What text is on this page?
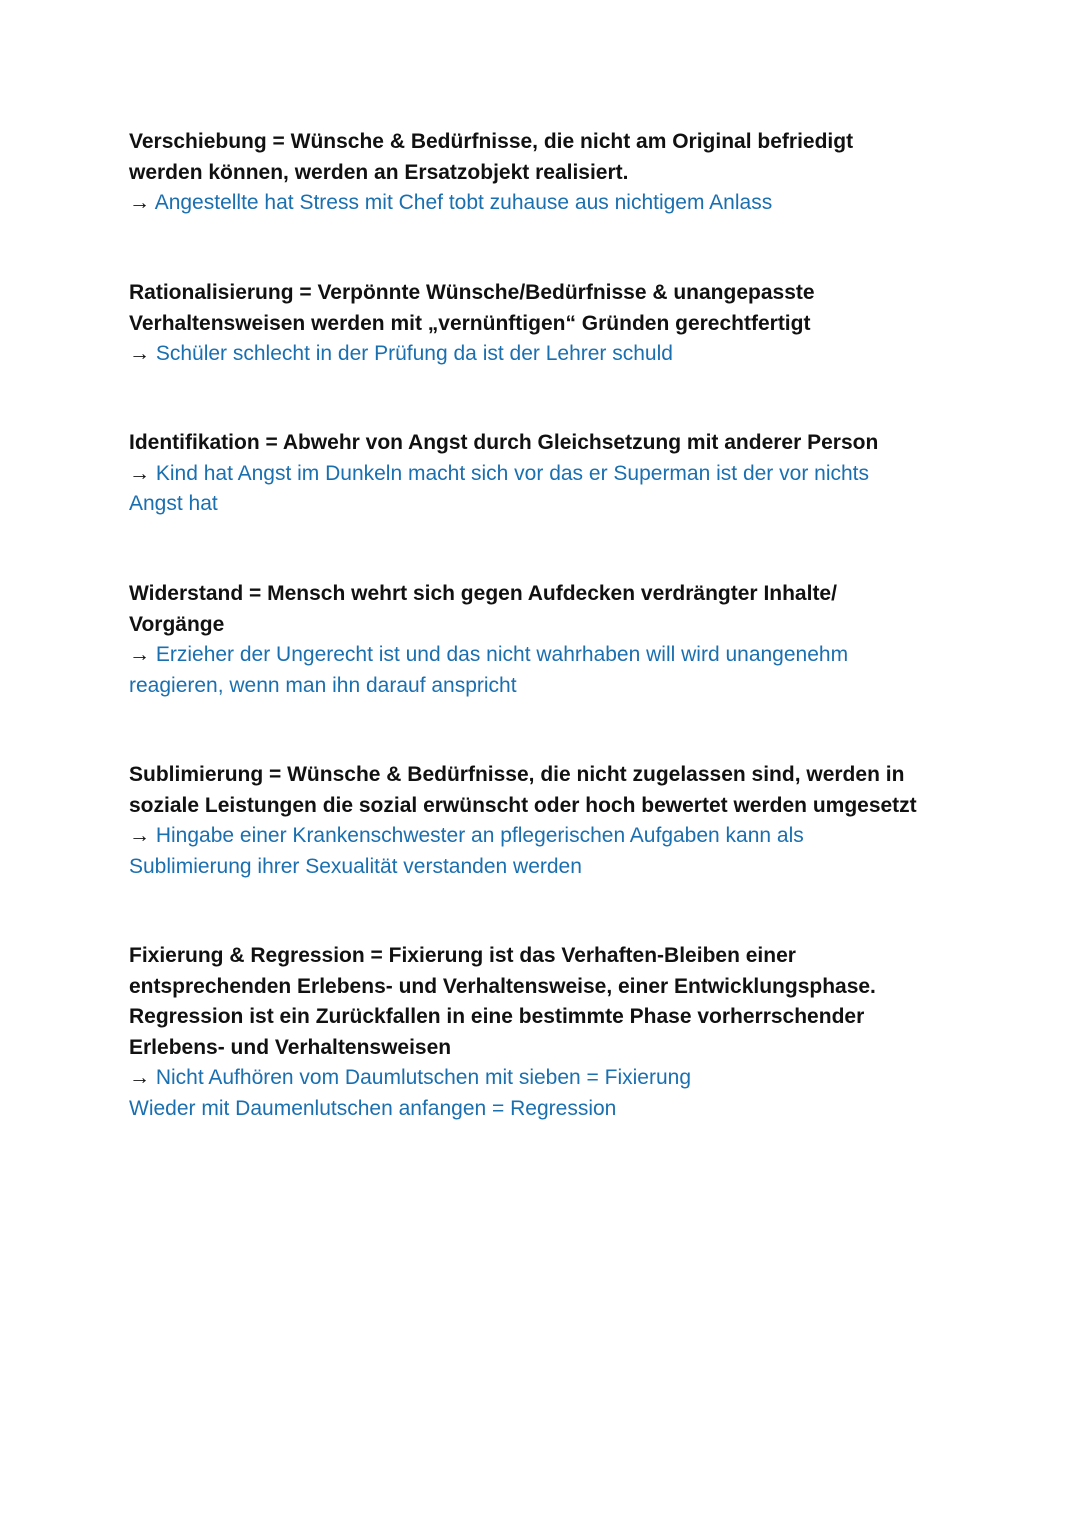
Verschiebung = Wünsche & Bedürfnisse, die nicht am Original befriedigt
werden können, werden an Ersatzobjekt realisiert.
→ Angestellte hat Stress mit Chef tobt zuhause aus nichtigem Anlass
Rationalisierung = Verpönnte Wünsche/Bedürfnisse & unangepasste
Verhaltensweisen werden mit „vernünftigen“ Gründen gerechtfertigt
→ Schüler schlecht in der Prüfung da ist der Lehrer schuld
Identifikation = Abwehr von Angst durch Gleichsetzung mit anderer Person
→ Kind hat Angst im Dunkeln macht sich vor das er Superman ist der vor nichts
Angst hat
Widerstand = Mensch wehrt sich gegen Aufdecken verdrängter Inhalte/
Vorgänge
→ Erzieher der Ungerecht ist und das nicht wahrhaben will wird unangenehm
reagieren, wenn man ihn darauf anspricht
Sublimierung = Wünsche & Bedürfnisse, die nicht zugelassen sind, werden in
soziale Leistungen die sozial erwünscht oder hoch bewertet werden umgesetzt
→ Hingabe einer Krankenschwester an pflegerischen Aufgaben kann als
Sublimierung ihrer Sexualität verstanden werden
Fixierung & Regression = Fixierung ist das Verhaften-Bleiben einer
entsprechenden Erlebens- und Verhaltensweise, einer Entwicklungsphase.
Regression ist ein Zurückfallen in eine bestimmte Phase vorherrschender
Erlebens- und Verhaltensweisen
→ Nicht Aufhören vom Daumlutschen mit sieben = Fixierung
Wieder mit Daumenlutschen anfangen = Regression
